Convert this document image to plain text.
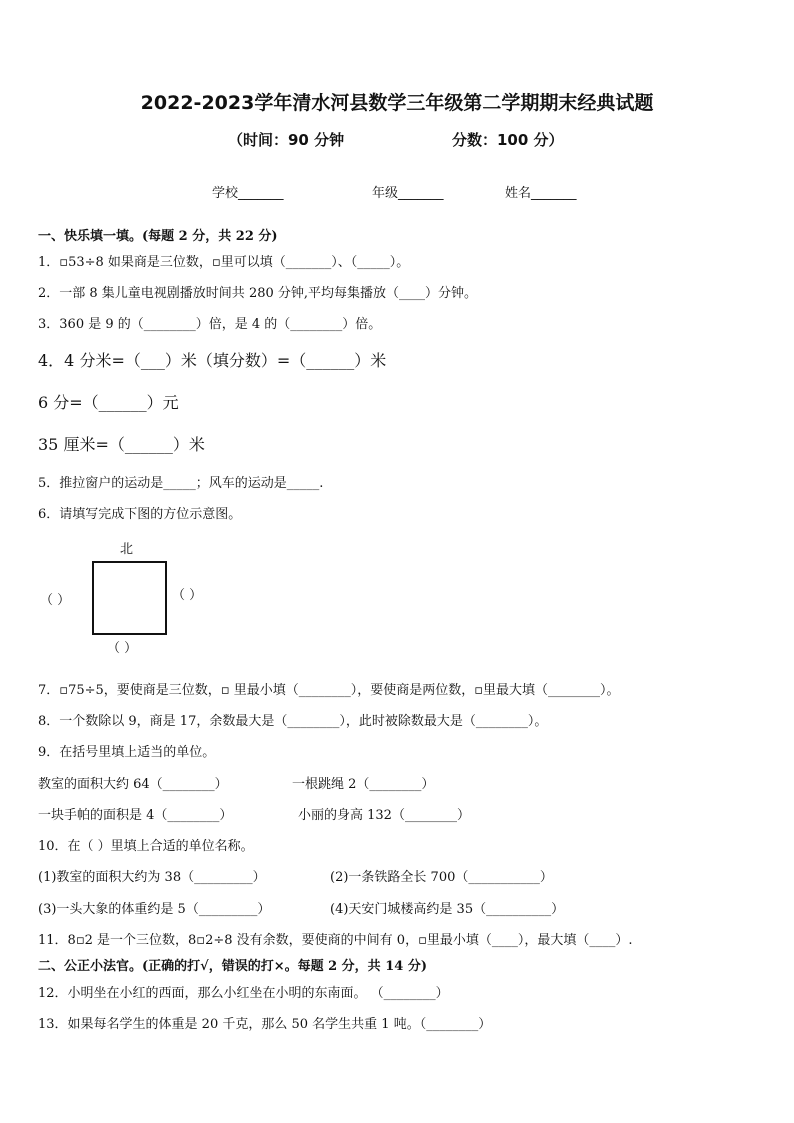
2022-2023学年清水河县数学三年级第二学期期末经典试题
（时间：90 分钟	分数：100 分）
学校_______	年级_______	姓名_______
一、快乐填一填。(每题 2 分，共 22 分)
1．▫53÷8 如果商是三位数，▫里可以填（_______）、（_____）。
2．一部 8 集儿童电视剧播放时间共 280 分钟,平均每集播放（____）分钟。
3．360 是 9 的（________）倍，是 4 的（________）倍。
4．4 分米=（___）米（填分数）=（______）米
6 分=（______）元
35 厘米=（______）米
5．推拉窗户的运动是_____；风车的运动是_____.
6．请填写完成下图的方位示意图。
北
（ ）	（ ）
（ ）
7．▫75÷5，要使商是三位数，▫ 里最小填（________），要使商是两位数，▫里最大填（________）。
8．一个数除以 9，商是 17，余数最大是（________），此时被除数最大是（________）。
9．在括号里填上适当的单位。
教室的面积大约 64（________）	一根跳绳 2（________）
一块手帕的面积是 4（________）	小丽的身高 132（________）
10．在（ ）里填上合适的单位名称。
(1)教室的面积大约为 38（_________）	(2)一条铁路全长 700（___________）
(3)一头大象的体重约是 5（_________）	(4)天安门城楼高约是 35（__________）
11．8▫2 是一个三位数，8▫2÷8 没有余数，要使商的中间有 0，▫里最小填（____），最大填（____）.
二、公正小法官。(正确的打√，错误的打×。每题 2 分，共 14 分)
12．小明坐在小红的西面，那么小红坐在小明的东南面。 （________）
13．如果每名学生的体重是 20 千克，那么 50 名学生共重 1 吨。（________）
